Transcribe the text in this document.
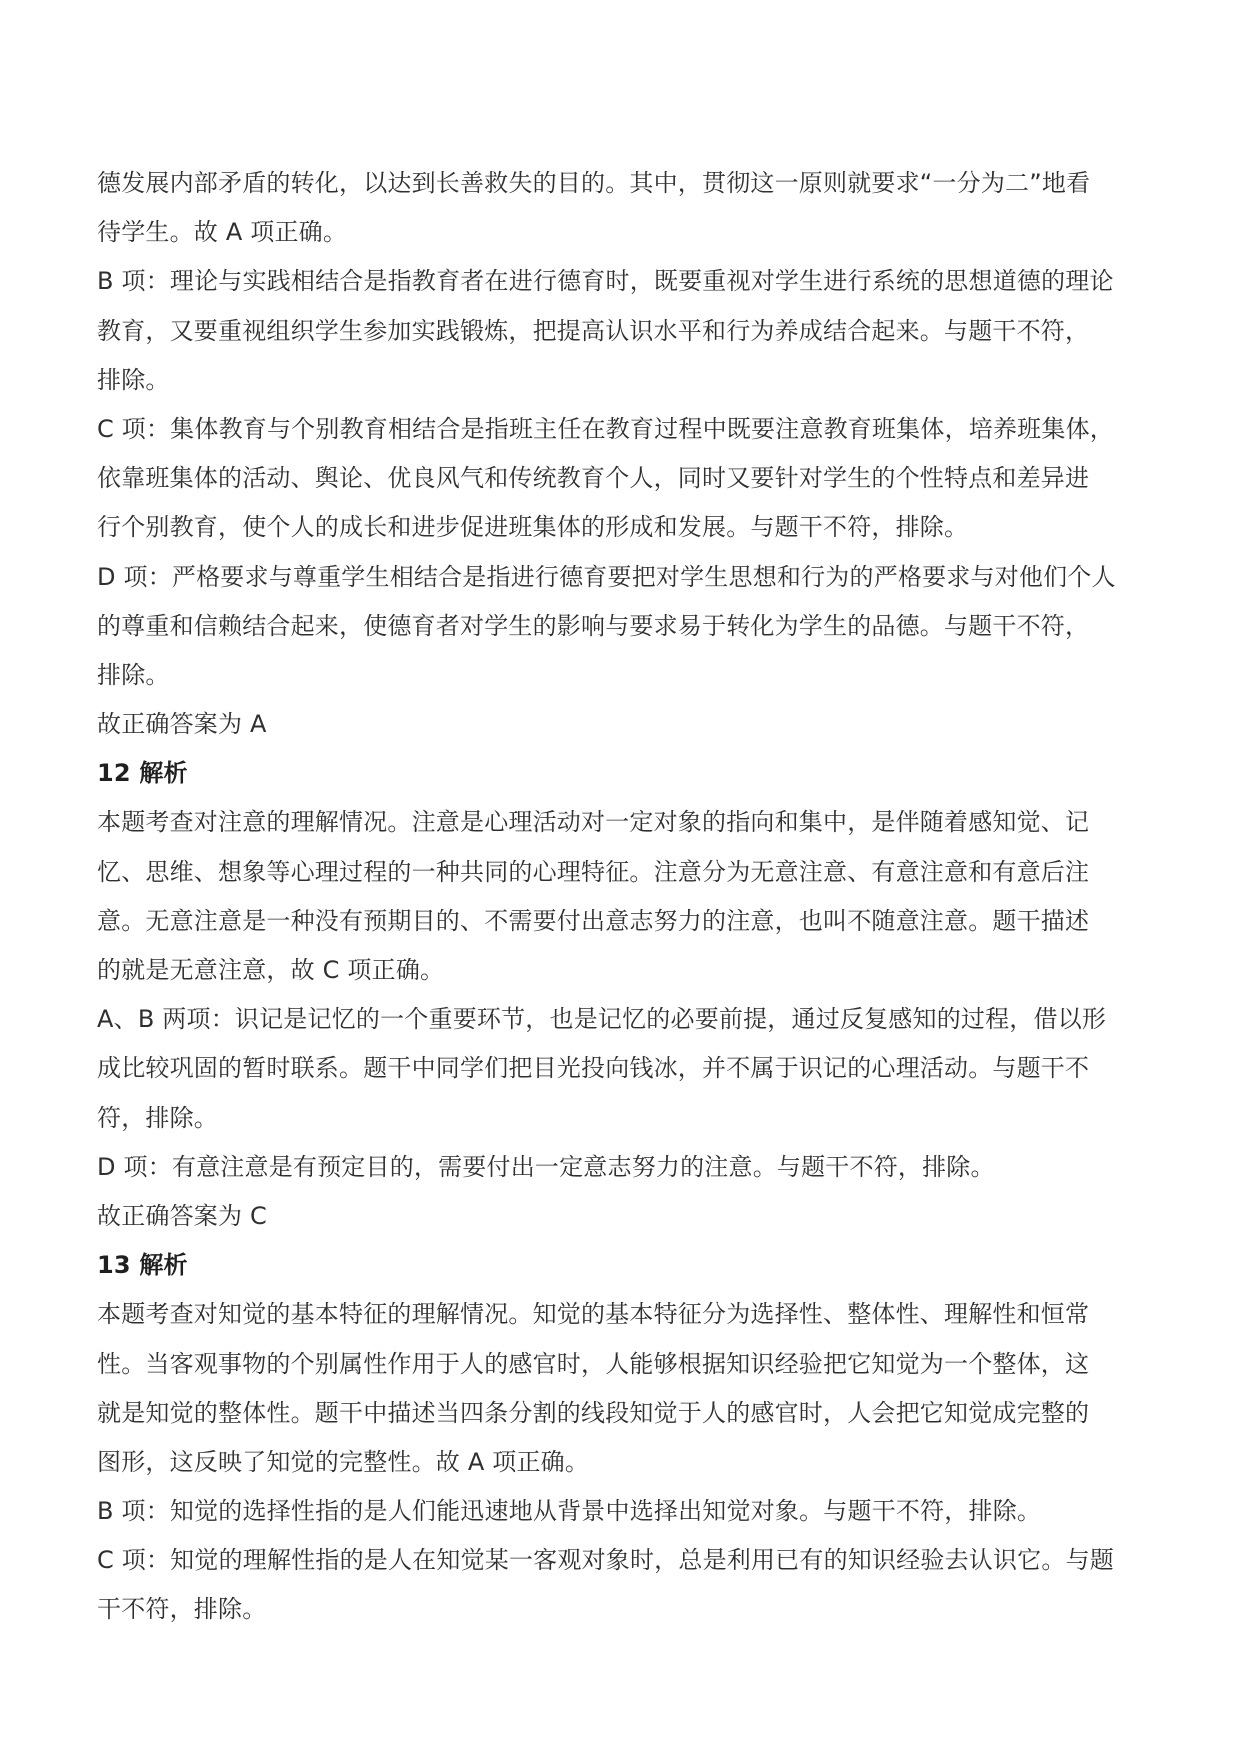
德发展内部矛盾的转化，以达到长善救失的目的。其中，贯彻这一原则就要求“一分为二”地看
待学生。故 A 项正确。
B 项：理论与实践相结合是指教育者在进行德育时，既要重视对学生进行系统的思想道德的理论
教育，又要重视组织学生参加实践锻炼，把提高认识水平和行为养成结合起来。与题干不符，
排除。
C 项：集体教育与个别教育相结合是指班主任在教育过程中既要注意教育班集体，培养班集体，
依靠班集体的活动、舆论、优良风气和传统教育个人，同时又要针对学生的个性特点和差异进
行个别教育，使个人的成长和进步促进班集体的形成和发展。与题干不符，排除。
D 项：严格要求与尊重学生相结合是指进行德育要把对学生思想和行为的严格要求与对他们个人
的尊重和信赖结合起来，使德育者对学生的影响与要求易于转化为学生的品德。与题干不符，
排除。
故正确答案为 A
12 解析
本题考查对注意的理解情况。注意是心理活动对一定对象的指向和集中，是伴随着感知觉、记
忆、思维、想象等心理过程的一种共同的心理特征。注意分为无意注意、有意注意和有意后注
意。无意注意是一种没有预期目的、不需要付出意志努力的注意，也叫不随意注意。题干描述
的就是无意注意，故 C 项正确。
A、B 两项：识记是记忆的一个重要环节，也是记忆的必要前提，通过反复感知的过程，借以形
成比较巩固的暂时联系。题干中同学们把目光投向钱冰，并不属于识记的心理活动。与题干不
符，排除。
D 项：有意注意是有预定目的，需要付出一定意志努力的注意。与题干不符，排除。
故正确答案为 C
13 解析
本题考查对知觉的基本特征的理解情况。知觉的基本特征分为选择性、整体性、理解性和恒常
性。当客观事物的个别属性作用于人的感官时，人能够根据知识经验把它知觉为一个整体，这
就是知觉的整体性。题干中描述当四条分割的线段知觉于人的感官时，人会把它知觉成完整的
图形，这反映了知觉的完整性。故 A 项正确。
B 项：知觉的选择性指的是人们能迅速地从背景中选择出知觉对象。与题干不符，排除。
C 项：知觉的理解性指的是人在知觉某一客观对象时，总是利用已有的知识经验去认识它。与题
干不符，排除。
